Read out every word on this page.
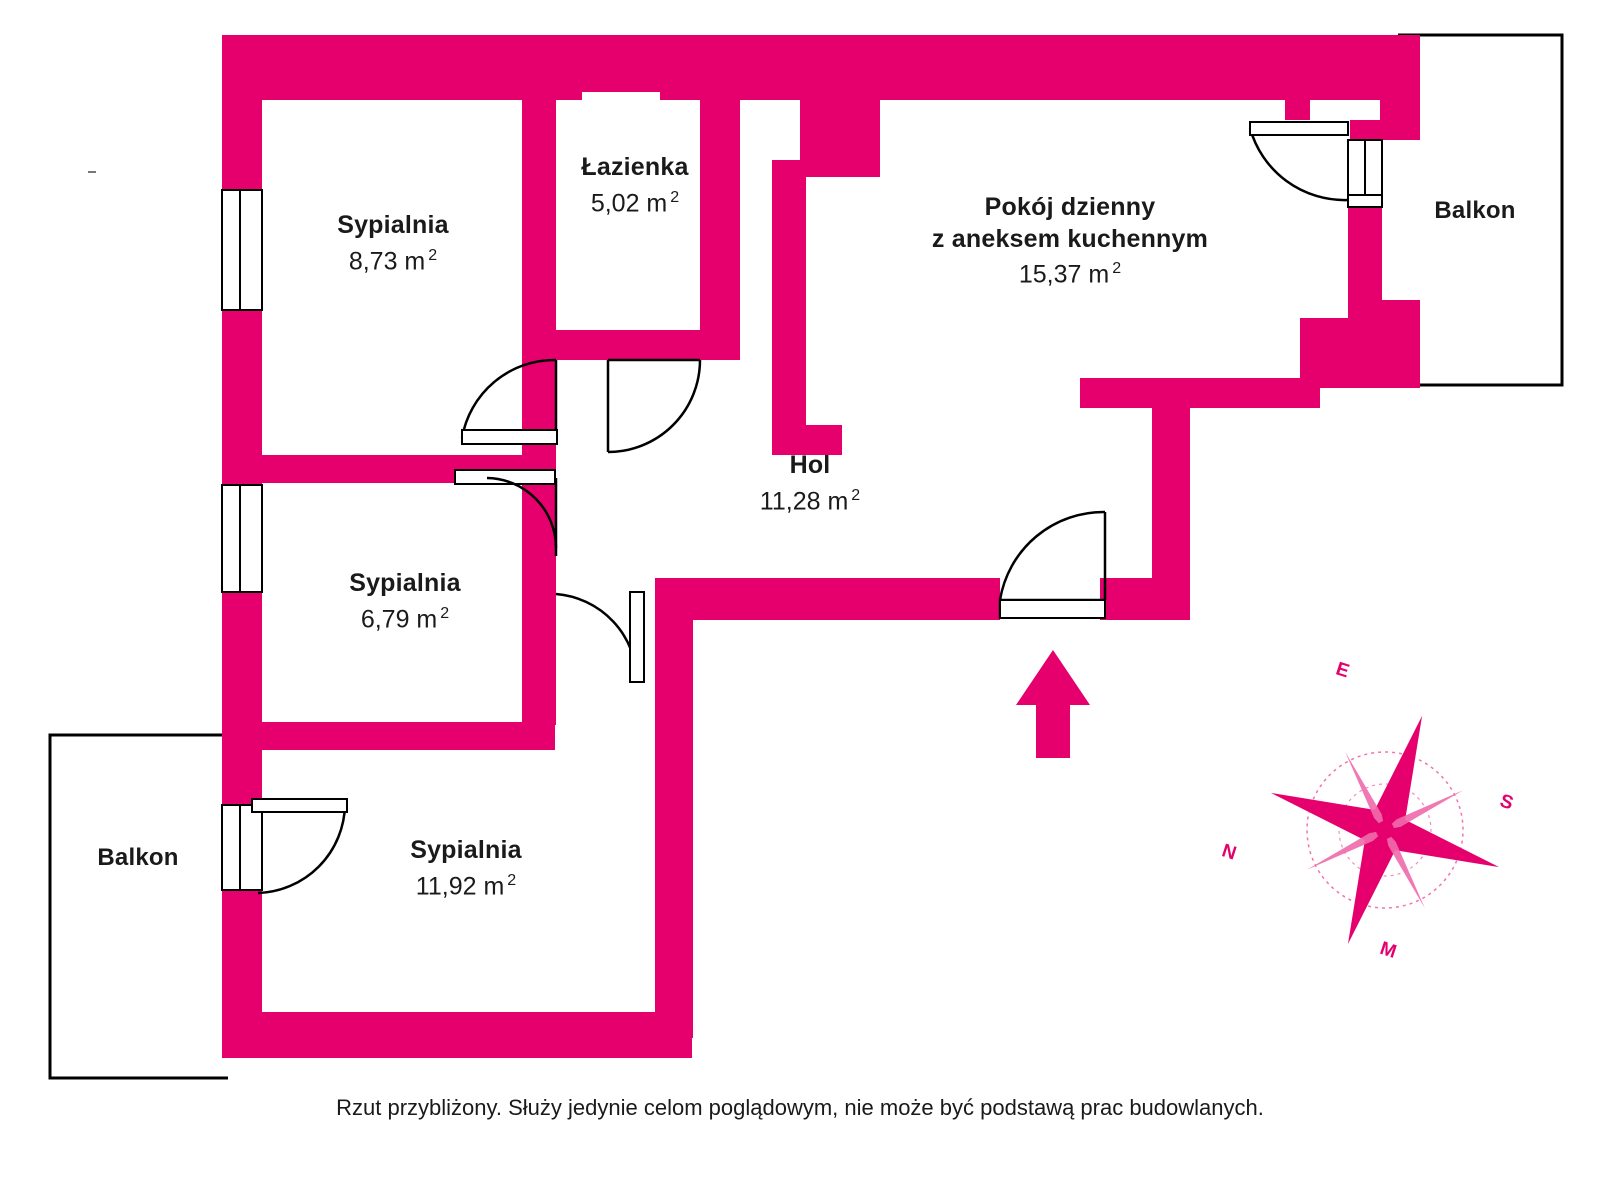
Sypialnia
8,73 m $^2$
Łazienka
5,02 m $^2$	Pokój dzienny
z aneksem kuchennym
15,37 m $^2$
Hol
11,28 m $^2$
Sypialnia
6,79 m $^2$
Sypialnia
11,92 m $^2$
Balkon
Balkon
E
S
M
N
Rzut przybliżony. Służy jedynie celom poglądowym, nie może być podstawą prac budowlanych.
